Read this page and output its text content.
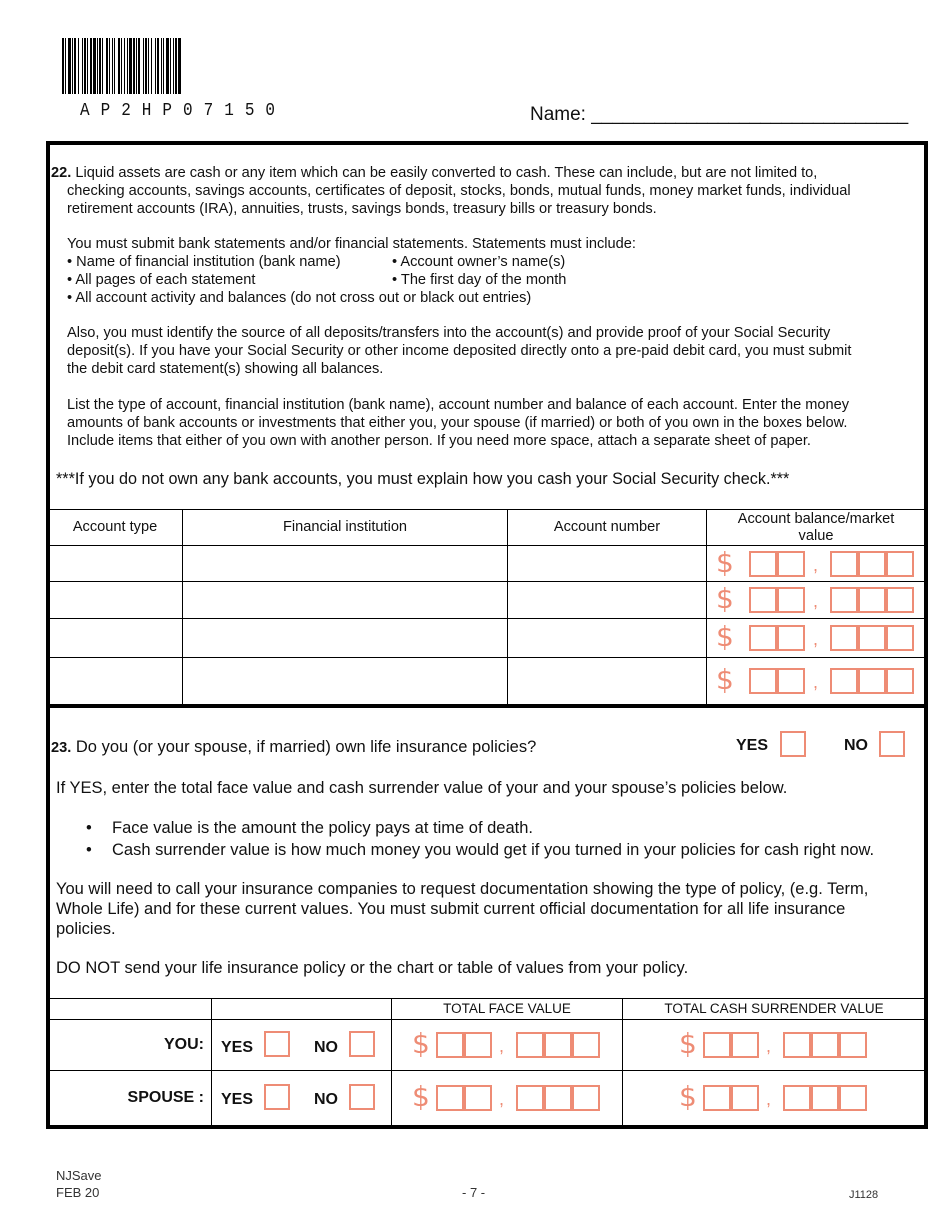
AP2HP07150	Name: ______________________________
22. Liquid assets are cash or any item which can be easily converted to cash. These can include, but are not limited to,
checking accounts, savings accounts, certificates of deposit, stocks, bonds, mutual funds, money market funds, individual
retirement accounts (IRA), annuities, trusts, savings bonds, treasury bills or treasury bonds.
You must submit bank statements and/or financial statements. Statements must include:
• Name of financial institution (bank name)	• Account owner’s name(s)
• All pages of each statement	• The first day of the month
• All account activity and balances (do not cross out or black out entries)
Also, you must identify the source of all deposits/transfers into the account(s) and provide proof of your Social Security
deposit(s). If you have your Social Security or other income deposited directly onto a pre-paid debit card, you must submit
the debit card statement(s) showing all balances.
List the type of account, financial institution (bank name), account number and balance of each account. Enter the money
amounts of bank accounts or investments that either you, your spouse (if married) or both of you own in the boxes below.
Include items that either of you own with another person. If you need more space, attach a separate sheet of paper.
***If you do not own any bank accounts, you must explain how you cash your Social Security check.***
Account type	Financial institution	Account number	Account balance/market
value
$	,
$	,
$	,
$	,
23. Do you (or your spouse, if married) own life insurance policies?	YES	NO
If YES, enter the total face value and cash surrender value of your and your spouse’s policies below.
• Face value is the amount the policy pays at time of death.
• Cash surrender value is how much money you would get if you turned in your policies for cash right now.
You will need to call your insurance companies to request documentation showing the type of policy, (e.g. Term,
Whole Life) and for these current values. You must submit current official documentation for all life insurance
policies.
DO NOT send your life insurance policy or the chart or table of values from your policy.
TOTAL FACE VALUE	TOTAL CASH SURRENDER VALUE
YOU: YES	NO	$	,	$	,
SPOUSE : YES	NO	$	,	$	,
NJSave
FEB 20	- 7 -	J1128
